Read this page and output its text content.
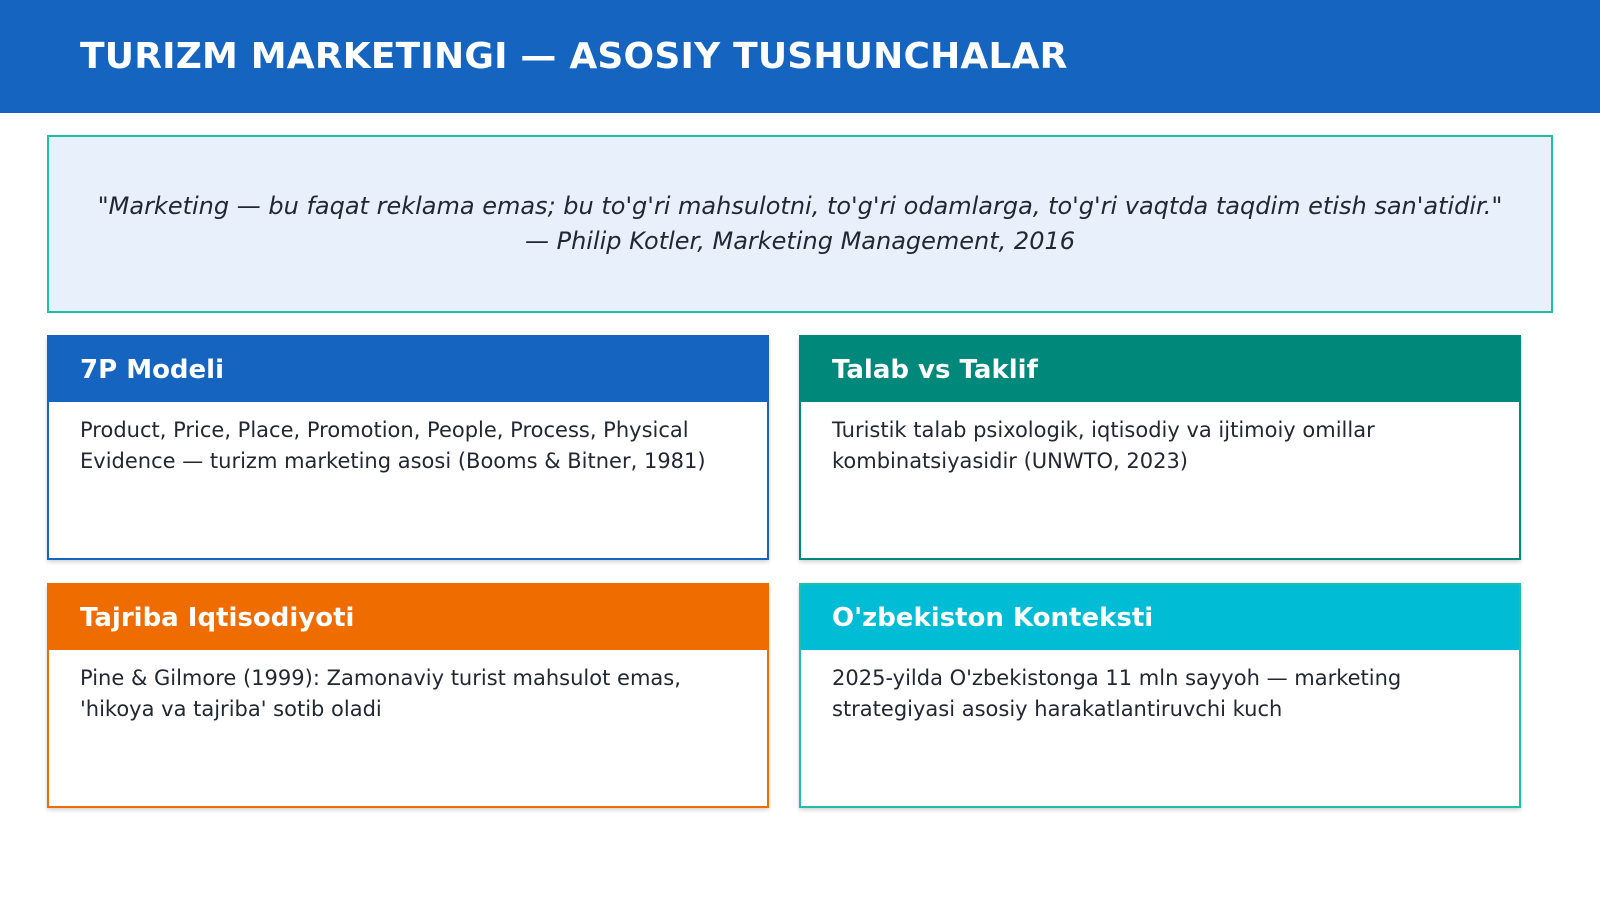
TURIZM MARKETINGI — ASOSIY TUSHUNCHALAR
"Marketing — bu faqat reklama emas; bu to'g'ri mahsulotni, to'g'ri odamlarga, to'g'ri vaqtda taqdim etish san'atidir."
— Philip Kotler, Marketing Management, 2016
7P Modeli
Product, Price, Place, Promotion, People, Process, Physical Evidence — turizm marketing asosi (Booms & Bitner, 1981)
Talab vs Taklif
Turistik talab psixologik, iqtisodiy va ijtimoiy omillar kombinatsiyasidir (UNWTO, 2023)
Tajriba Iqtisodiyoti
Pine & Gilmore (1999): Zamonaviy turist mahsulot emas, 'hikoya va tajriba' sotib oladi
O'zbekiston Konteksti
2025-yilda O'zbekistonga 11 mln sayyoh — marketing strategiyasi asosiy harakatlantiruvchi kuch
